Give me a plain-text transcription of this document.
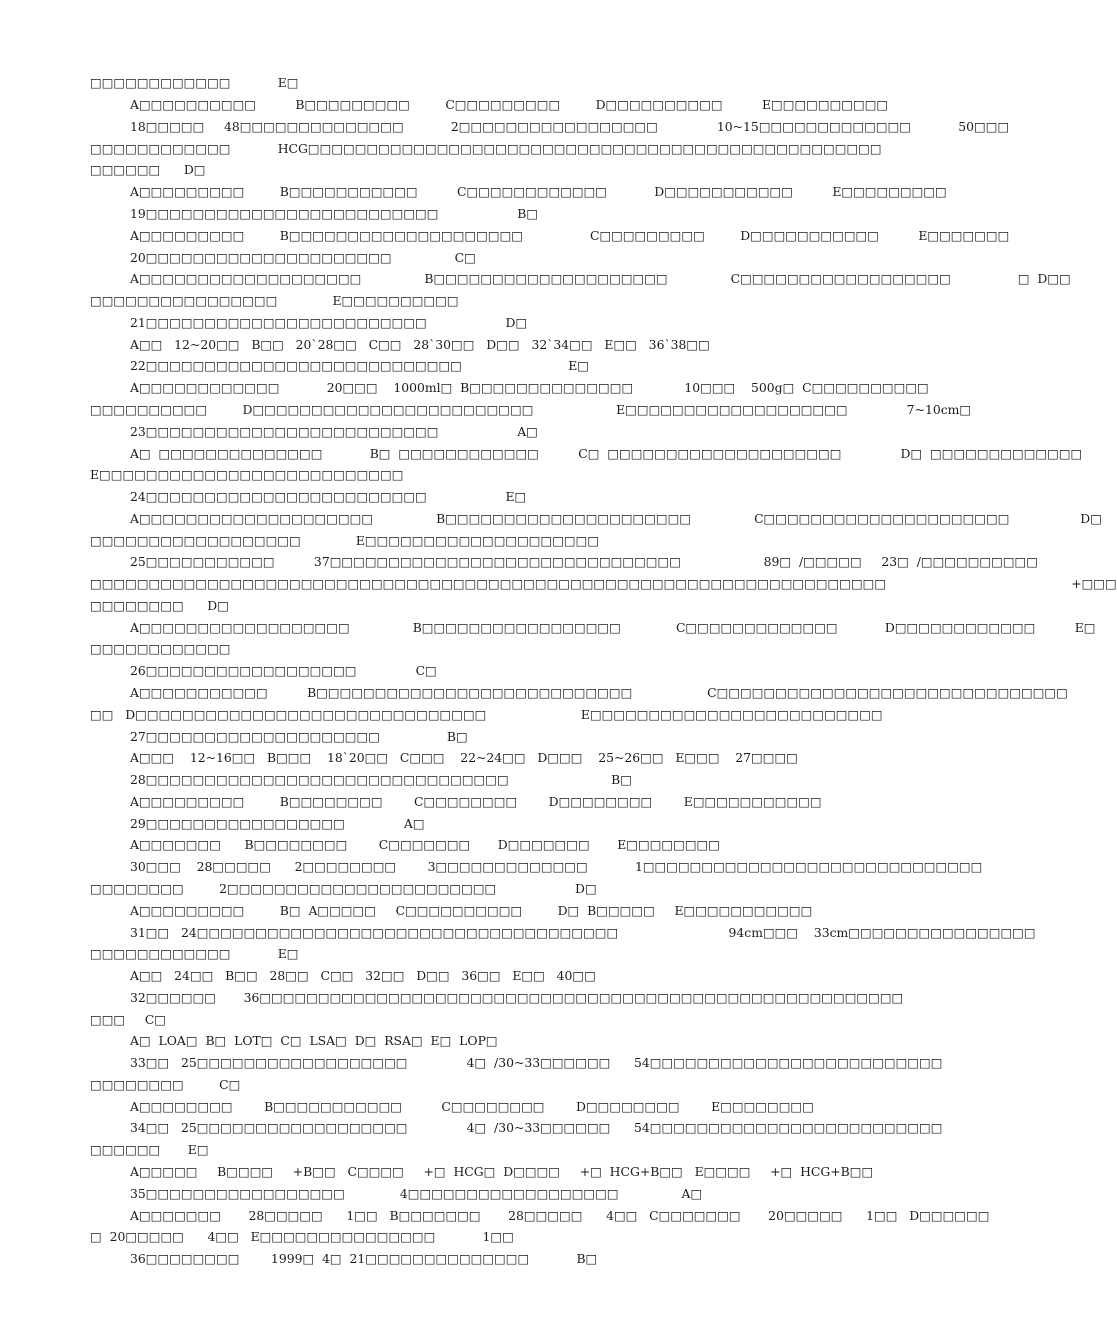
□□□□□□□□□□□□            E□
A□□□□□□□□□□          B□□□□□□□□□         C□□□□□□□□□         D□□□□□□□□□□          E□□□□□□□□□□
18□□□□□     48□□□□□□□□□□□□□□            2□□□□□□□□□□□□□□□□□               10~15□□□□□□□□□□□□□            50□□□
□□□□□□□□□□□□            HCG□□□□□□□□□□□□□□□□□□□□□□□□□□□□□□□□□□□□□□□□□□□□□□□□□
□□□□□□      D□
A□□□□□□□□□         B□□□□□□□□□□□          C□□□□□□□□□□□□            D□□□□□□□□□□□          E□□□□□□□□□
19□□□□□□□□□□□□□□□□□□□□□□□□□                    B□
A□□□□□□□□□         B□□□□□□□□□□□□□□□□□□□□                 C□□□□□□□□□         D□□□□□□□□□□□          E□□□□□□□
20□□□□□□□□□□□□□□□□□□□□□                C□
A□□□□□□□□□□□□□□□□□□□                B□□□□□□□□□□□□□□□□□□□□                C□□□□□□□□□□□□□□□□□□                 □  D□□
□□□□□□□□□□□□□□□□              E□□□□□□□□□□
21□□□□□□□□□□□□□□□□□□□□□□□□                    D□
A□□   12~20□□   B□□   20`28□□   C□□   28`30□□   D□□   32`34□□   E□□   36`38□□
22□□□□□□□□□□□□□□□□□□□□□□□□□□□                           E□
A□□□□□□□□□□□□            20□□□    1000ml□  B□□□□□□□□□□□□□□             10□□□    500g□  C□□□□□□□□□□
□□□□□□□□□□         D□□□□□□□□□□□□□□□□□□□□□□□□                     E□□□□□□□□□□□□□□□□□□□               7~10cm□
23□□□□□□□□□□□□□□□□□□□□□□□□□                    A□
A□  □□□□□□□□□□□□□□            B□  □□□□□□□□□□□□          C□  □□□□□□□□□□□□□□□□□□□□               D□  □□□□□□□□□□□□□
E□□□□□□□□□□□□□□□□□□□□□□□□□□
24□□□□□□□□□□□□□□□□□□□□□□□□                    E□
A□□□□□□□□□□□□□□□□□□□□                B□□□□□□□□□□□□□□□□□□□□□                C□□□□□□□□□□□□□□□□□□□□□                  D□
□□□□□□□□□□□□□□□□□□              E□□□□□□□□□□□□□□□□□□□□
25□□□□□□□□□□□          37□□□□□□□□□□□□□□□□□□□□□□□□□□□□□□                     89□  /□□□□□     23□  /□□□□□□□□□□
□□□□□□□□□□□□□□□□□□□□□□□□□□□□□□□□□□□□□□□□□□□□□□□□□□□□□□□□□□□□□□□□□□□□                                               +□□□
□□□□□□□□      D□
A□□□□□□□□□□□□□□□□□□                B□□□□□□□□□□□□□□□□□              C□□□□□□□□□□□□□            D□□□□□□□□□□□□          E□
□□□□□□□□□□□□
26□□□□□□□□□□□□□□□□□□               C□
A□□□□□□□□□□□          B□□□□□□□□□□□□□□□□□□□□□□□□□□□                   C□□□□□□□□□□□□□□□□□□□□□□□□□□□□□□
□□   D□□□□□□□□□□□□□□□□□□□□□□□□□□□□□□                        E□□□□□□□□□□□□□□□□□□□□□□□□□
27□□□□□□□□□□□□□□□□□□□□                 B□
A□□□    12~16□□   B□□□    18`20□□   C□□□    22~24□□   D□□□    25~26□□   E□□□    27□□□□
28□□□□□□□□□□□□□□□□□□□□□□□□□□□□□□□                          B□
A□□□□□□□□□         B□□□□□□□□        C□□□□□□□□        D□□□□□□□□        E□□□□□□□□□□□
29□□□□□□□□□□□□□□□□□               A□
A□□□□□□□      B□□□□□□□□        C□□□□□□□       D□□□□□□□       E□□□□□□□□
30□□□    28□□□□□      2□□□□□□□□        3□□□□□□□□□□□□□            1□□□□□□□□□□□□□□□□□□□□□□□□□□□□□
□□□□□□□□         2□□□□□□□□□□□□□□□□□□□□□□□                    D□
A□□□□□□□□□         B□  A□□□□□     C□□□□□□□□□□         D□  B□□□□□     E□□□□□□□□□□□
31□□   24□□□□□□□□□□□□□□□□□□□□□□□□□□□□□□□□□□□□                            94cm□□□    33cm□□□□□□□□□□□□□□□□
□□□□□□□□□□□□            E□
A□□   24□□   B□□   28□□   C□□   32□□   D□□   36□□   E□□   40□□
32□□□□□□       36□□□□□□□□□□□□□□□□□□□□□□□□□□□□□□□□□□□□□□□□□□□□□□□□□□□□□□□
□□□     C□
A□  LOA□  B□  LOT□  C□  LSA□  D□  RSA□  E□  LOP□
33□□   25□□□□□□□□□□□□□□□□□□               4□  /30~33□□□□□□      54□□□□□□□□□□□□□□□□□□□□□□□□□
□□□□□□□□         C□
A□□□□□□□□        B□□□□□□□□□□□          C□□□□□□□□        D□□□□□□□□        E□□□□□□□□
34□□   25□□□□□□□□□□□□□□□□□□               4□  /30~33□□□□□□      54□□□□□□□□□□□□□□□□□□□□□□□□□
□□□□□□       E□
A□□□□□     B□□□□     +B□□   C□□□□     +□  HCG□  D□□□□     +□  HCG+B□□   E□□□□     +□  HCG+B□□
35□□□□□□□□□□□□□□□□□              4□□□□□□□□□□□□□□□□□□                A□
A□□□□□□□       28□□□□□      1□□   B□□□□□□□       28□□□□□      4□□   C□□□□□□□       20□□□□□      1□□   D□□□□□□
□  20□□□□□      4□□   E□□□□□□□□□□□□□□□            1□□
36□□□□□□□□        1999□  4□  21□□□□□□□□□□□□□□            B□
